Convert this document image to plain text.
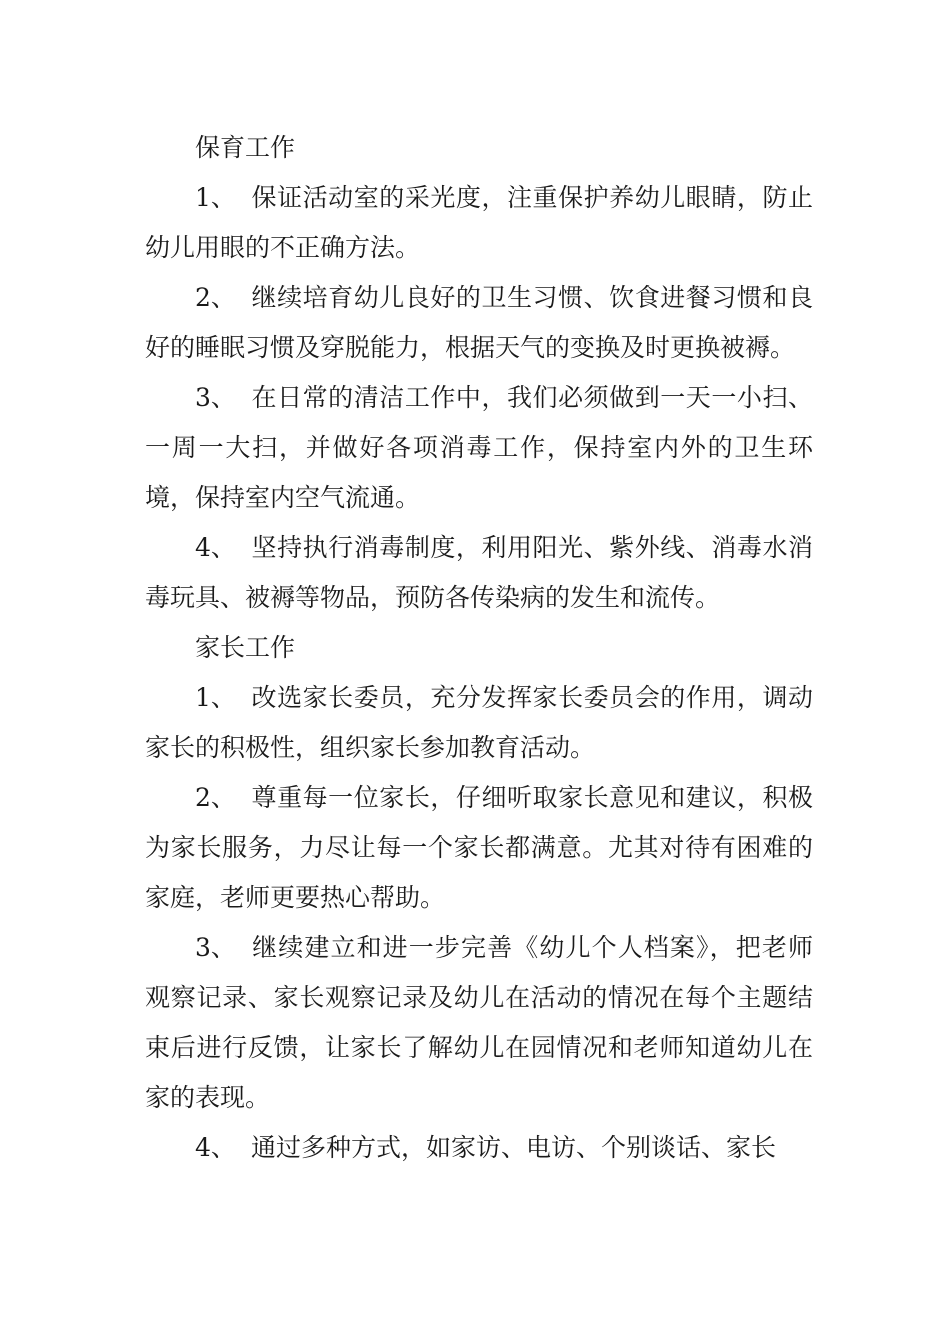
保育工作

1、 保证活动室的采光度，注重保护养幼儿眼睛，防止幼儿用眼的不正确方法。

2、 继续培育幼儿良好的卫生习惯、饮食进餐习惯和良好的睡眠习惯及穿脱能力，根据天气的变换及时更换被褥。

3、 在日常的清洁工作中，我们必须做到一天一小扫、一周一大扫，并做好各项消毒工作，保持室内外的卫生环境，保持室内空气流通。

4、 坚持执行消毒制度，利用阳光、紫外线、消毒水消毒玩具、被褥等物品，预防各传染病的发生和流传。

家长工作

1、 改选家长委员，充分发挥家长委员会的作用，调动家长的积极性，组织家长参加教育活动。

2、 尊重每一位家长，仔细听取家长意见和建议，积极为家长服务，力尽让每一个家长都满意。尤其对待有困难的家庭，老师更要热心帮助。

3、 继续建立和进一步完善《幼儿个人档案》，把老师观察记录、家长观察记录及幼儿在活动的情况在每个主题结束后进行反馈，让家长了解幼儿在园情况和老师知道幼儿在家的表现。

4、 通过多种方式，如家访、电访、个别谈话、家长
